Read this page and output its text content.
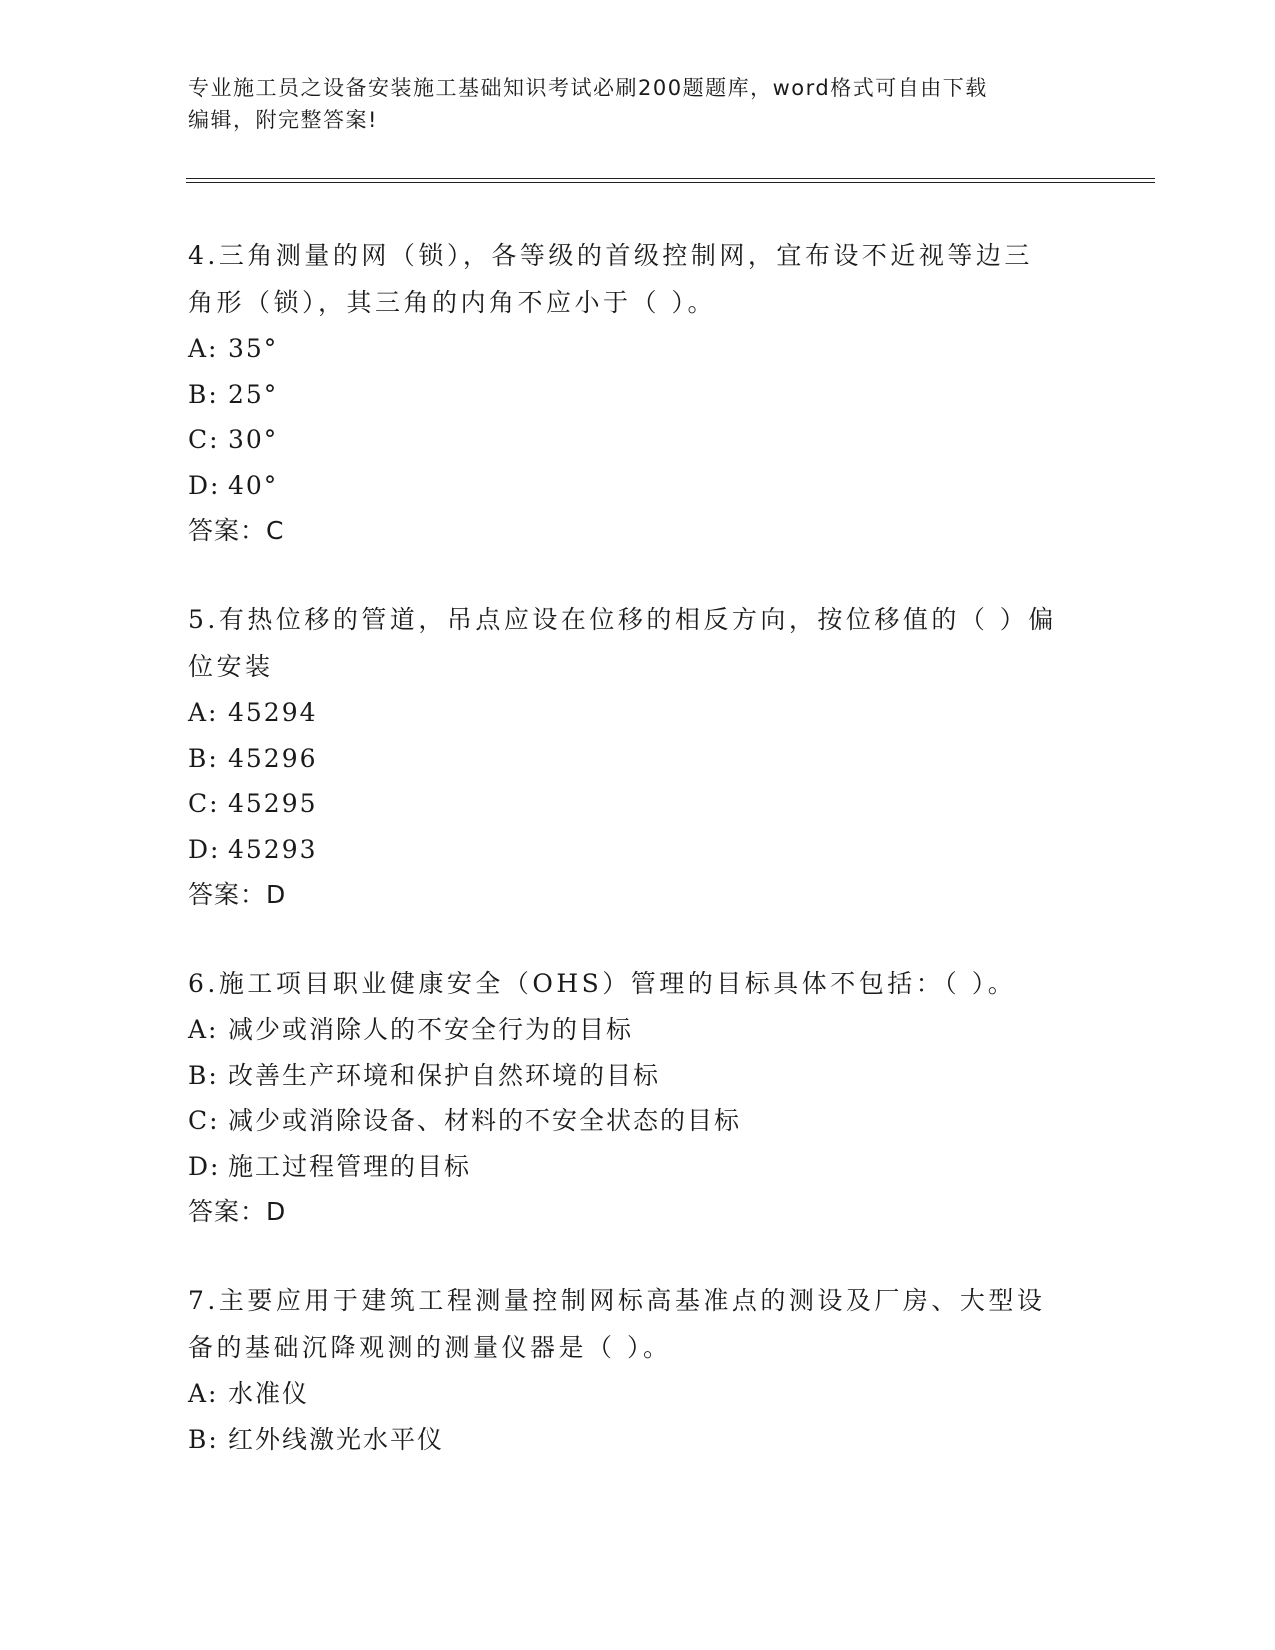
专业施工员之设备安装施工基础知识考试必刷200题题库，word格式可自由下载
编辑，附完整答案!
4.三角测量的网（锁），各等级的首级控制网，宜布设不近视等边三
角形（锁），其三角的内角不应小于（ ）。
A: 35°
B: 25°
C: 30°
D: 40°
答案：C
5.有热位移的管道，吊点应设在位移的相反方向，按位移值的（ ）偏
位安装
A: 45294
B: 45296
C: 45295
D: 45293
答案：D
6.施工项目职业健康安全（OHS）管理的目标具体不包括：（ ）。
A: 减少或消除人的不安全行为的目标
B: 改善生产环境和保护自然环境的目标
C: 减少或消除设备、材料的不安全状态的目标
D: 施工过程管理的目标
答案：D
7.主要应用于建筑工程测量控制网标高基准点的测设及厂房、大型设
备的基础沉降观测的测量仪器是（ ）。
A: 水准仪
B: 红外线激光水平仪
